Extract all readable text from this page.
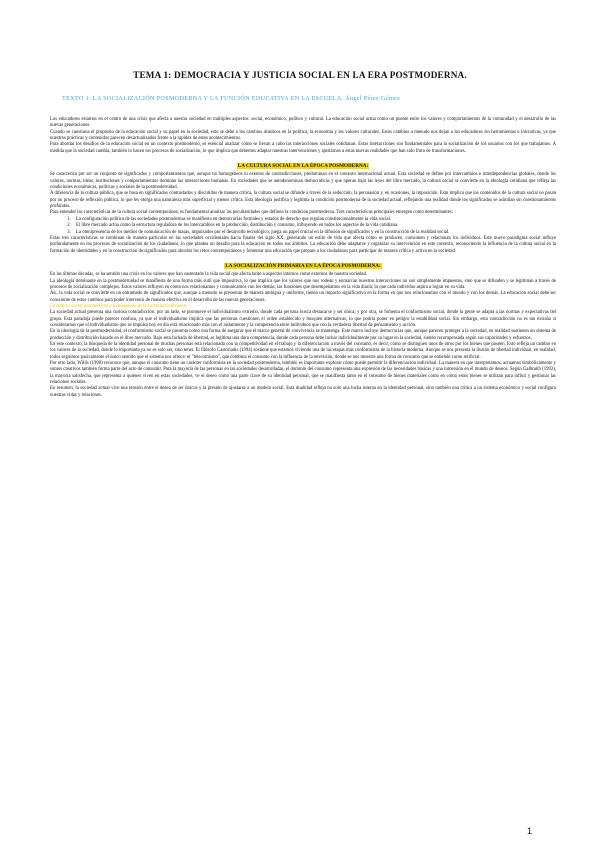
TEMA 1: DEMOCRACIA Y JUSTICIA SOCIAL EN LA ERA POSTMODERNA.
TEXTO 1: LA SOCIALIZACIÓN POSMODERNA Y LA FUNCIÓN EDUCATIVA EN LA ESCUELA. Ángel Pérez Gómez

Los educadores estamos en el centro de una crisis que afecta a nuestra sociedad en múltiples aspectos: social, económico, político y cultural. La educación social actúa como un puente entre los valores y comportamientos de la comunidad y el desarrollo de las nuevas generaciones.

Cuando se cuestiona el propósito de la educación social y su papel en la sociedad, esto se debe a los cambios drásticos en la política, la economía y los valores culturales. Estos cambios a menudo nos dejan a los educadores sin herramientas o iniciativas, ya que nuestros prácticas y contenidos parecen desactualizados frente a la rapidez de estos acontecimientos.

Para abordar los desafíos de la educación social en un contexto postmoderno, es esencial analizar cómo se llevan a cabo las interacciones sociales cotidianas. Estas interacciones son fundamentales para la socialización de los usuarios con los que trabajamos. A medida que la sociedad cambia, también lo hacen los procesos de socialización, lo que implica que debemos adaptar nuestras intervenciones y ajustarnos a estas nuevas realidades que han sido fruto de transformaciones.

LA CULTURA SOCIAL EN LA ÉPOCA POSMODERNA:

Se caracteriza por ser un conjunto de significados y comportamientos que, aunque no homogéneos ni exentos de contradicciones, predominan en el contexto internacional actual. Esta sociedad se define por intercambios e interdependencias globales, donde los valores, normas, ideas, instituciones y comportamientos dominan las interacciones humanas. En sociedades que se autodenominan democráticas y que operan bajo las leyes del libre mercado, la cultura social se convierte en la ideología cotidiana que refleja las condiciones económicas, políticas y sociales de la postmodernidad.

A diferencia de la cultura pública, que se basa en significados contrastados y discutidos de manera crítica, la cultura social se difunde a través de la seducción, la persuasión y, en ocasiones, la imposición. Esto implica que los contenidos de la cultura social no pasan por un proceso de reflexión pública, lo que les otorga una naturaleza más superficial y menos crítica. Esta ideología justifica y legitima la condición postmoderna de la sociedad actual, reflejando una realidad donde los significados se asimilan sin cuestionamientos profundos.

Para entender las características de la cultura social contemporánea, es fundamental analizar las peculiaridades que definen la condición postmoderna. Tres características principales emergen como determinantes:

1. La configuración política de las sociedades postmodernas se manifiesta en democracias formales y estados de derecho que regulan constitucionalmente la vida social.
2. El libre mercado actúa como la estructura reguladora de los intercambios en la producción, distribución y consumo, influyendo en todos los aspectos de la vida cotidiana.
3. La omnipresencia de los medios de comunicación de masas, impulsados por el desarrollo tecnológico, juega un papel crucial en la difusión de significados y en la construcción de la realidad social.

Estas tres características se combinan de manera particular en las sociedades occidentales hacia finales del siglo XX, generando un estilo de vida que afecta cómo se producen, consumen y relacionan los individuos. Este nuevo paradigma social influye profundamente en los procesos de socialización de los ciudadanos, lo que plantea un desafío para la educación en todos sus ámbitos. La educación debe adaptarse y organizar su intervención en este contexto, reconociendo la influencia de la cultura social en la formación de identidades y en la construcción de significados para abordar los retos contemporáneos y fomentar una educación que prepare a los ciudadanos para participar de manera crítica y activa en la sociedad.

LA SOCIALIZACIÓN PRIMARIA EN LA ÉPOCA POSMODERNA:

En las últimas décadas, se ha sentido una crisis en los valores que han sustentado la vida social que afecta tanto a aspectos internos como externos de nuestra sociedad.

La ideología dominante en la postmodernidad se manifiesta de una forma más sutil que impositiva, lo que implica que los valores que nos rodean y enmarcan nuestras interacciones no son simplemente impuestos, sino que se difunden y se legitiman a través de procesos de socialización complejos. Estos valores influyen en cómo nos relacionamos y comunicamos con los demás; las funciones que desempeñamos en la vida diaria; lo que cada individuo aspira a lograr en su vida.

Así, la vida social se convierte en un entramado de significados que, aunque a menudo se presentan de manera ambigua y uniforme, tienen un impacto significativo en la forma en que nos relacionamos con el mundo y con los demás. La educación social debe ser consciente de estos cambios para poder intervenir de manera efectiva en el desarrollo de las nuevas generaciones.

La cultura social postmoderna y la búsqueda de la identidad individual

La sociedad actual presenta una curiosa contradicción: por un lado, se promueve el individualismo extremo, donde cada persona busca destacarse y ser única; y por otra, se fomenta el conformismo social, donde la gente se adapta a las normas y expectativas del grupo. Esta paradoja puede parecer confusa, ya que el individualismo implica que las personas cuestionen el orden establecido y busquen alternativas, lo que podría poner en peligro la estabilidad social. Sin embargo, esta contradicción no es tan extraña si consideramos que el individualismo que se impulsa hoy en día está relacionado más con el aislamiento y la competencia entre individuos que con la verdadera libertad de pensamiento y acción.

En la ideología de la postmodernidad, el conformismo social se presenta como una forma de asegurar que el marco general de convivencia se mantenga. Este marco incluye democracias que, aunque parecen proteger a la sociedad, en realidad sostienen un sistema de producción y distribución basado en el libre mercado. Bajo esta fachada de libertad, se legitima una dura competencia, donde cada persona debe luchar individualmente por su lugar en la sociedad, siendo recompensada según sus capacidades y esfuerzos.

En este contexto, la búsqueda de la identidad personal de muchas personas está relacionada con la competitividad en el trabajo y la diferenciación a través del consumo, es decir, cómo se distinguen unos de otros por los bienes que poseen. Esto refleja un cambio en los valores de la sociedad, donde lo importante ya no es solo ser, sino tener. El filósofo Castoriadis (1994) sostiene que estamos viviendo una de las etapas más conformistas de la historia moderna. Aunque se nos presenta la ilusión de libertad individual, en realidad, todos seguimos pasivamente el único sentido que el sistema nos ofrece: el "telecomismo", que combina el consumo con la influencia de la televisión, donde se nos muestra una forma de consumo que se entiende como artificial.

Por otro lado, Willis (1990) reconoce que, aunque el consumo tiene un carácter conformista en la sociedad postmoderna, también es importante explorar cómo puede permitir la diferenciación individual. La manera en que interpretamos, actuamos simbólicamente y somos creativos también forma parte del acto de consumir. Para la mayoría de las personas en las sociedades desarrolladas, el dominio del consumo representa una expresión de las necesidades básicas y una inmersión en el mundo de deseos. Según Galbraith (1992), la mayoría satisfecha, que representa a quienes viven en estas sociedades, ve el deseo como una parte clave de su identidad personal, que se manifiesta tanto en el consumo de bienes materiales como en cómo estos bienes se utilizan para influir y gestionar las relaciones sociales.

En resumen, la sociedad actual vive una tensión entre el deseo de ser únicos y la presión de ajustarse a un modelo social. Esta dualidad refleja no solo una lucha interna en la identidad personal, sino también una crítica a un sistema económico y social configura nuestras vidas y relaciones.

1
